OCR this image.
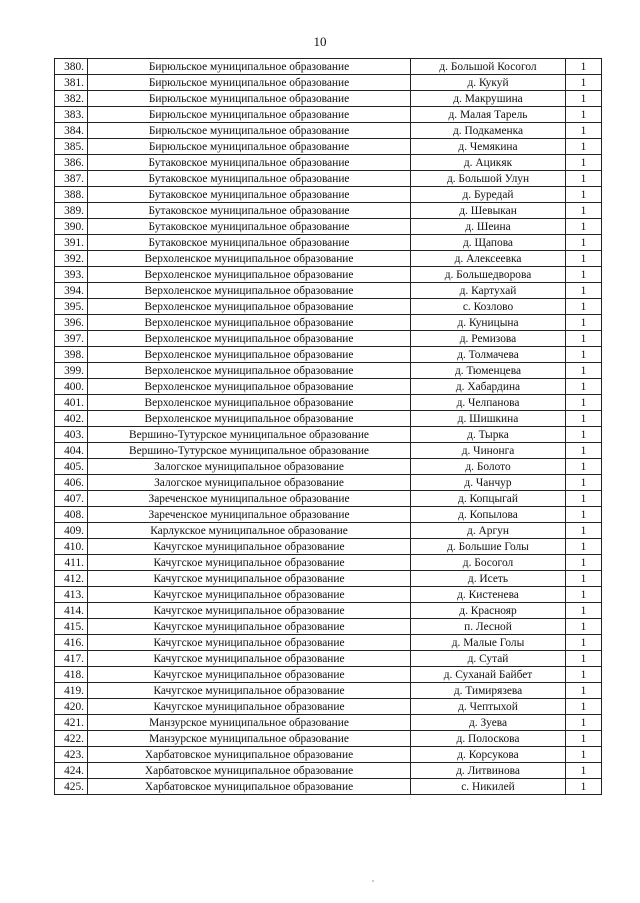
10
380.	Бирюльское муниципальное образование	д. Большой Косогол	1
381.	Бирюльское муниципальное образование	д. Кукуй	1
382.	Бирюльское муниципальное образование	д. Макрушина	1
383.	Бирюльское муниципальное образование	д. Малая Тарель	1
384.	Бирюльское муниципальное образование	д. Подкаменка	1
385.	Бирюльское муниципальное образование	д. Чемякина	1
386.	Бутаковское муниципальное образование	д. Ацикяк	1
387.	Бутаковское муниципальное образование	д. Большой Улун	1
388.	Бутаковское муниципальное образование	д. Буредай	1
389.	Бутаковское муниципальное образование	д. Шевыкан	1
390.	Бутаковское муниципальное образование	д. Шеина	1
391.	Бутаковское муниципальное образование	д. Щапова	1
392.	Верхоленское муниципальное образование	д. Алексеевка	1
393.	Верхоленское муниципальное образование	д. Большедворова	1
394.	Верхоленское муниципальное образование	д. Картухай	1
395.	Верхоленское муниципальное образование	с. Козлово	1
396.	Верхоленское муниципальное образование	д. Куницына	1
397.	Верхоленское муниципальное образование	д. Ремизова	1
398.	Верхоленское муниципальное образование	д. Толмачева	1
399.	Верхоленское муниципальное образование	д. Тюменцева	1
400.	Верхоленское муниципальное образование	д. Хабардина	1
401.	Верхоленское муниципальное образование	д. Челпанова	1
402.	Верхоленское муниципальное образование	д. Шишкина	1
403.	Вершино-Тутурское муниципальное образование	д. Тырка	1
404.	Вершино-Тутурское муниципальное образование	д. Чинонга	1
405.	Залогское муниципальное образование	д. Болото	1
406.	Залогское муниципальное образование	д. Чанчур	1
407.	Зареченское муниципальное образование	д. Копцыгай	1
408.	Зареченское муниципальное образование	д. Копылова	1
409.	Карлукское муниципальное образование	д. Аргун	1
410.	Качугское муниципальное образование	д. Большие Голы	1
411.	Качугское муниципальное образование	д. Босогол	1
412.	Качугское муниципальное образование	д. Исеть	1
413.	Качугское муниципальное образование	д. Кистенева	1
414.	Качугское муниципальное образование	д. Краснояр	1
415.	Качугское муниципальное образование	п. Лесной	1
416.	Качугское муниципальное образование	д. Малые Голы	1
417.	Качугское муниципальное образование	д. Сутай	1
418.	Качугское муниципальное образование	д. Суханай Байбет	1
419.	Качугское муниципальное образование	д. Тимирязева	1
420.	Качугское муниципальное образование	д. Чептыхой	1
421.	Манзурское муниципальное образование	д. Зуева	1
422.	Манзурское муниципальное образование	д. Полоскова	1
423.	Харбатовское муниципальное образование	д. Корсукова	1
424.	Харбатовское муниципальное образование	д. Литвинова	1
425.	Харбатовское муниципальное образование	с. Никилей	1
